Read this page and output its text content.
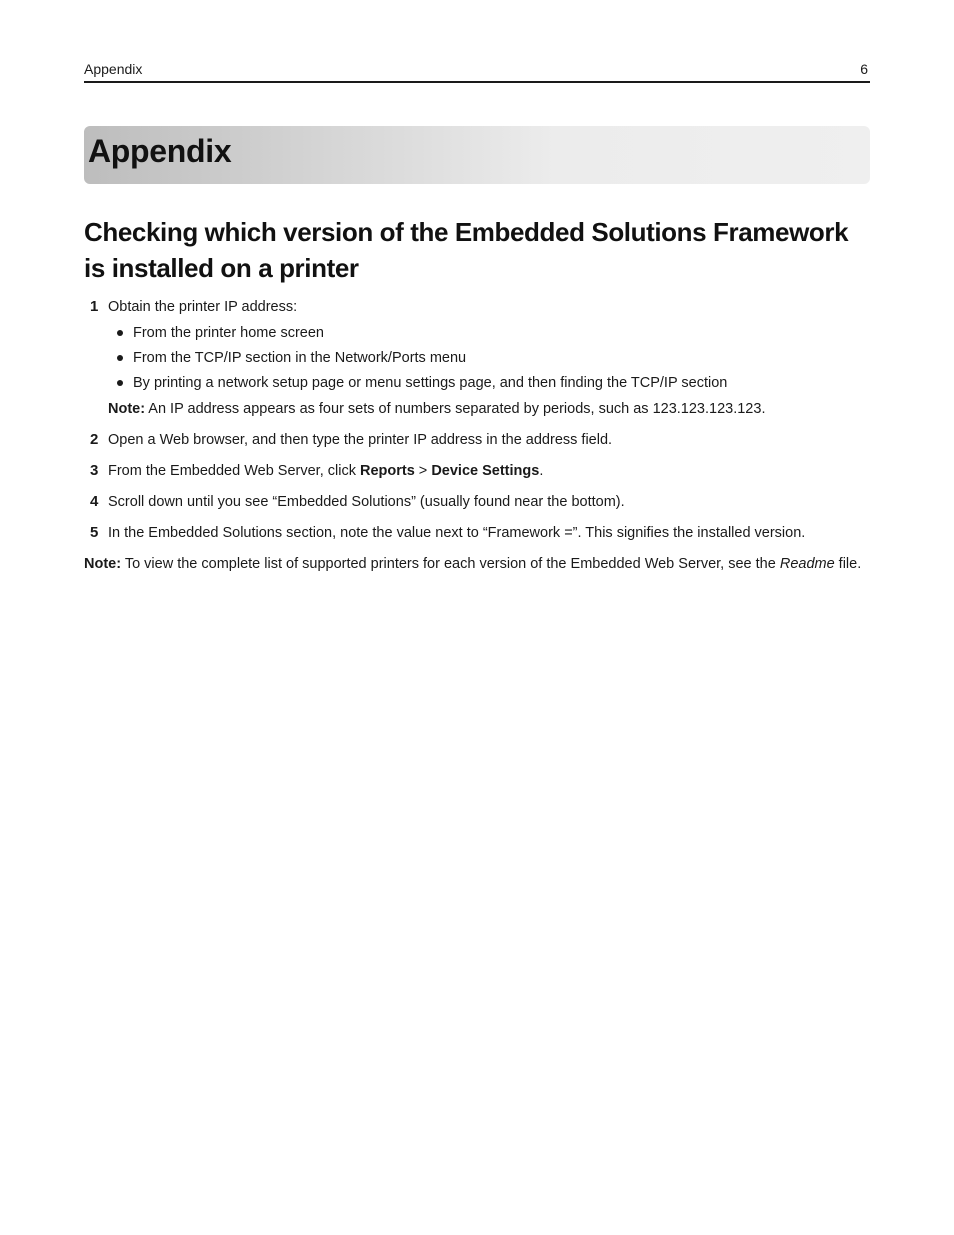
Appendix	6
Appendix
Checking which version of the Embedded Solutions Framework is installed on a printer
1 Obtain the printer IP address:
From the printer home screen
From the TCP/IP section in the Network/Ports menu
By printing a network setup page or menu settings page, and then finding the TCP/IP section
Note: An IP address appears as four sets of numbers separated by periods, such as 123.123.123.123.
2 Open a Web browser, and then type the printer IP address in the address field.
3 From the Embedded Web Server, click Reports > Device Settings.
4 Scroll down until you see “Embedded Solutions” (usually found near the bottom).
5 In the Embedded Solutions section, note the value next to “Framework =”. This signifies the installed version.
Note: To view the complete list of supported printers for each version of the Embedded Web Server, see the Readme file.
